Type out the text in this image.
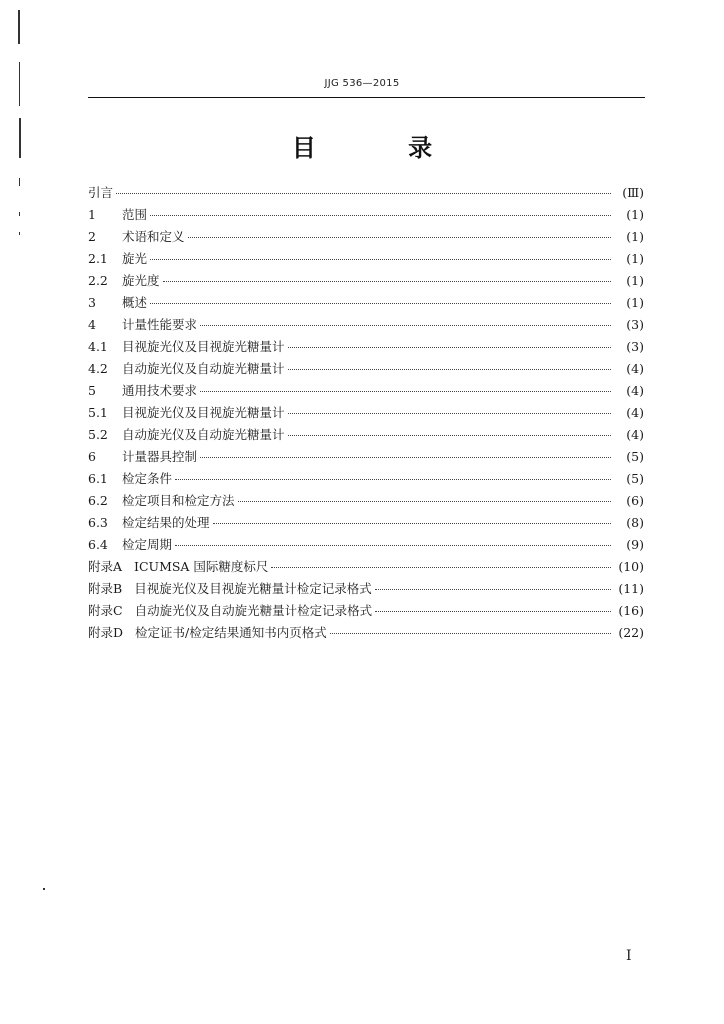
JJG 536—2015
目 录
引言	(Ⅲ)
1	范围	(1)
2	术语和定义	(1)
2.1 旋光	(1)
2.2 旋光度	(1)
3	概述	(1)
4	计量性能要求	(3)
4.1 目视旋光仪及目视旋光糖量计	(3)
4.2 自动旋光仪及自动旋光糖量计	(4)
5	通用技术要求	(4)
5.1 目视旋光仪及目视旋光糖量计	(4)
5.2 自动旋光仪及自动旋光糖量计	(4)
6	计量器具控制	(5)
6.1 检定条件	(5)
6.2 检定项目和检定方法	(6)
6.3 检定结果的处理	(8)
6.4 检定周期	(9)
附录A ICUMSA 国际糖度标尺	(10)
附录B 目视旋光仪及目视旋光糖量计检定记录格式	(11)
附录C 自动旋光仪及自动旋光糖量计检定记录格式	(16)
附录D 检定证书/检定结果通知书内页格式	(22)
I
